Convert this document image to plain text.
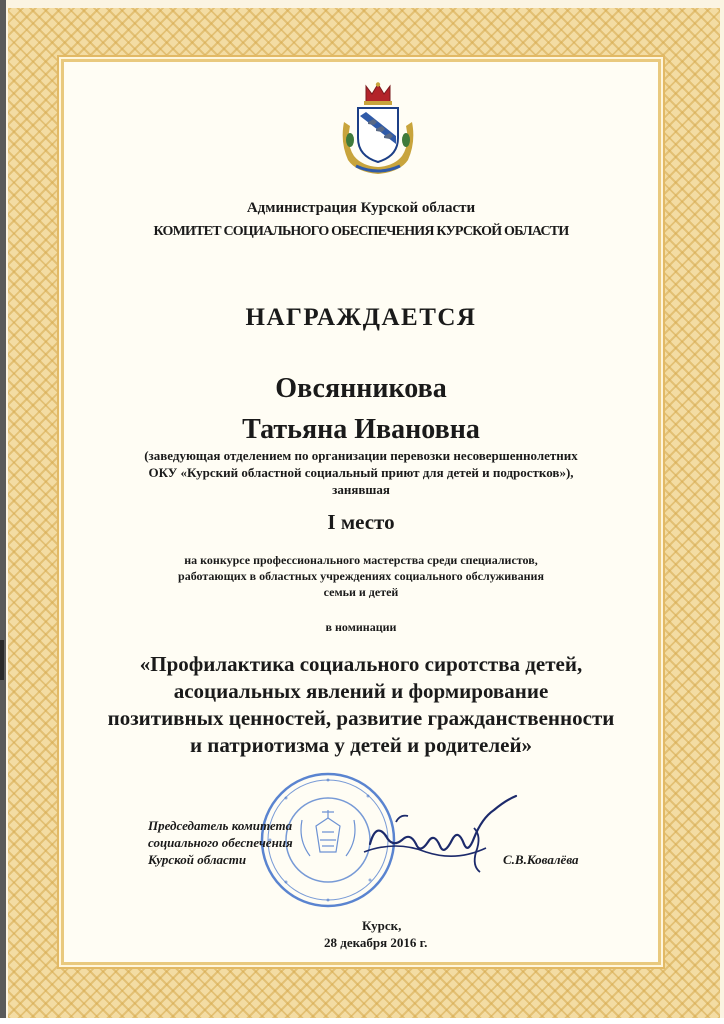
Администрация Курской области
КОМИТЕТ СОЦИАЛЬНОГО ОБЕСПЕЧЕНИЯ КУРСКОЙ ОБЛАСТИ
НАГРАЖДАЕТСЯ
Овсянникова
Татьяна Ивановна
(заведующая отделением по организации перевозки несовершеннолетних
ОКУ «Курский областной социальный приют для детей и подростков»),
занявшая
I место
на конкурсе профессионального мастерства среди специалистов,
работающих в областных учреждениях социального обслуживания
семьи и детей
в номинации
«Профилактика социального сиротства детей,
асоциальных явлений и формирование
позитивных ценностей, развитие гражданственности
и патриотизма у детей и родителей»
Председатель комитета
социального обеспечения
Курской области	С.В.Ковалёва
Курск,
28 декабря 2016 г.
